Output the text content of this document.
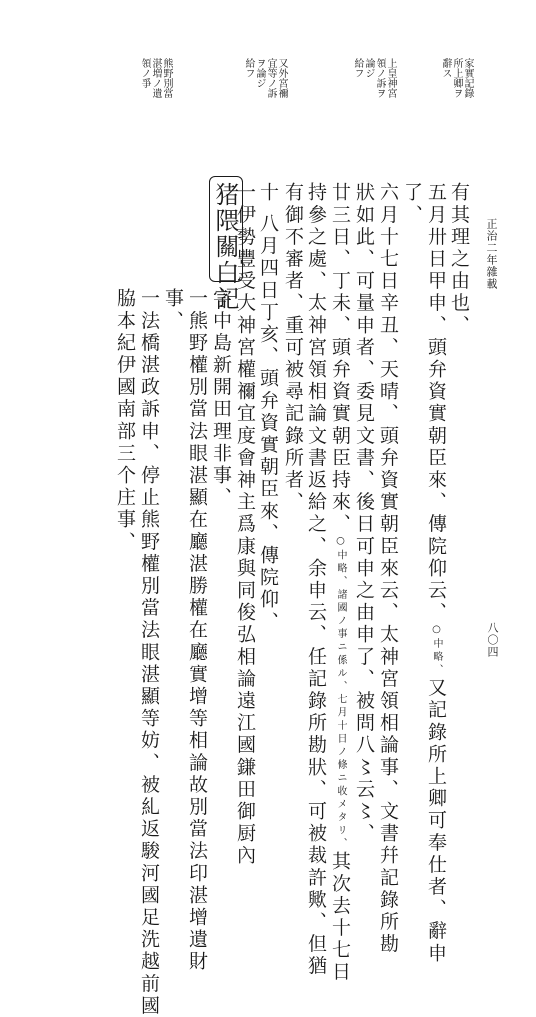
正治二年雜載
八〇四
家實記錄
所上卿ヲ
辭ス
上皇神宮
領ノ訴ヲ
論ジ
給フ
又外宮禰
宜等ノ訴
ヲ論ジ
給フ
熊野別當
湛増ノ遺
領ノ爭
猪隈關白記	有其理之由也、
五月卅日甲申、頭弁資實朝臣來、傳院仰云、○中略、又記錄所上卿可奉仕者、辭申
了、
六月十七日辛丑、天晴、頭弁資實朝臣來云、太神宮領相論事、文書幷記錄所勘
狀如此、可量申者、委見文書、後日可申之由申了、被問八〻云〻、
廿三日、丁未、頭弁資實朝臣持來、○中略、諸國ノ事ニ係ル、七月十日ノ條ニ收メタリ、其次去十七日
持參之處、太神宮領相論文書返給之、余申云、任記錄所勘狀、可被裁許歟、但猶
有御不審者、重可被尋記錄所者、
十 八月四日丁亥、頭弁資實朝臣來、傳院仰、
一伊勢豐受大神宮權禰宜度會神主爲康與同俊弘相論遠江國鎌田御厨內
字中島新開田理非事、
一熊野權別當法眼湛顯在廳湛勝權在廳實增等相論故別當法印湛增遺財
事、
一法橋湛政訴申、停止熊野權別當法眼湛顯等妨、被糺返駿河國足洗越前國
脇本紀伊國南部三个庄事、
